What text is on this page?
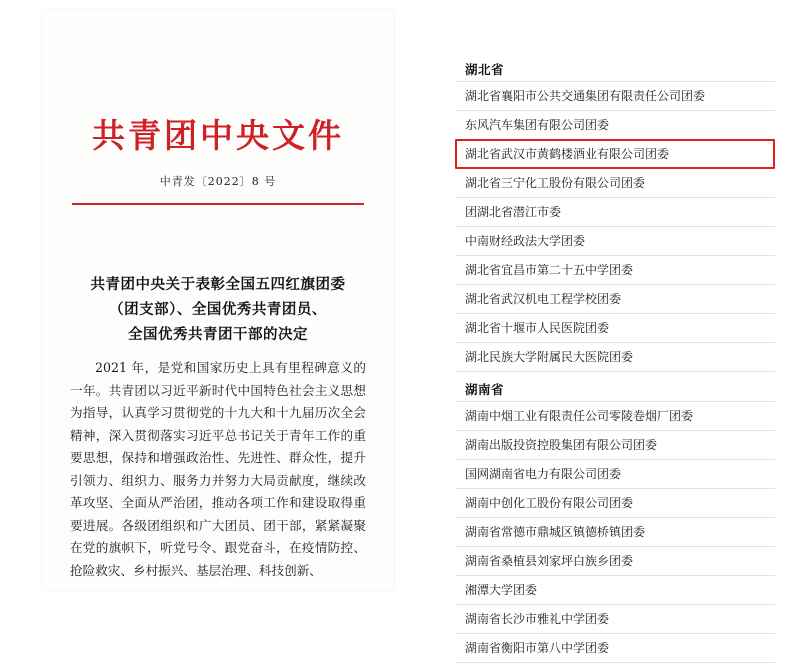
共青团中央文件
中青发〔2022〕8 号
共青团中央关于表彰全国五四红旗团委
（团支部）、全国优秀共青团员、
全国优秀共青团干部的决定

2021 年，是党和国家历史上具有里程碑意义的一年。共青团以习近平新时代中国特色社会主义思想为指导，认真学习贯彻党的十九大和十九届历次全会精神，深入贯彻落实习近平总书记关于青年工作的重要思想，保持和增强政治性、先进性、群众性，提升引领力、组织力、服务力并努力大局贡献度，继续改革攻坚、全面从严治团，推动各项工作和建设取得重要进展。各级团组织和广大团员、团干部，紧紧凝聚在党的旗帜下，听党号令、跟党奋斗，在疫情防控、抢险救灾、乡村振兴、基层治理、科技创新、

湖北省
湖北省襄阳市公共交通集团有限责任公司团委
东风汽车集团有限公司团委
湖北省武汉市黄鹤楼酒业有限公司团委
湖北省三宁化工股份有限公司团委
团湖北省潜江市委
中南财经政法大学团委
湖北省宜昌市第二十五中学团委
湖北省武汉机电工程学校团委
湖北省十堰市人民医院团委
湖北民族大学附属民大医院团委
湖南省
湖南中烟工业有限责任公司零陵卷烟厂团委
湖南出版投资控股集团有限公司团委
国网湖南省电力有限公司团委
湖南中创化工股份有限公司团委
湖南省常德市鼎城区镇德桥镇团委
湖南省桑植县刘家坪白族乡团委
湘潭大学团委
湖南省长沙市雅礼中学团委
湖南省衡阳市第八中学团委
